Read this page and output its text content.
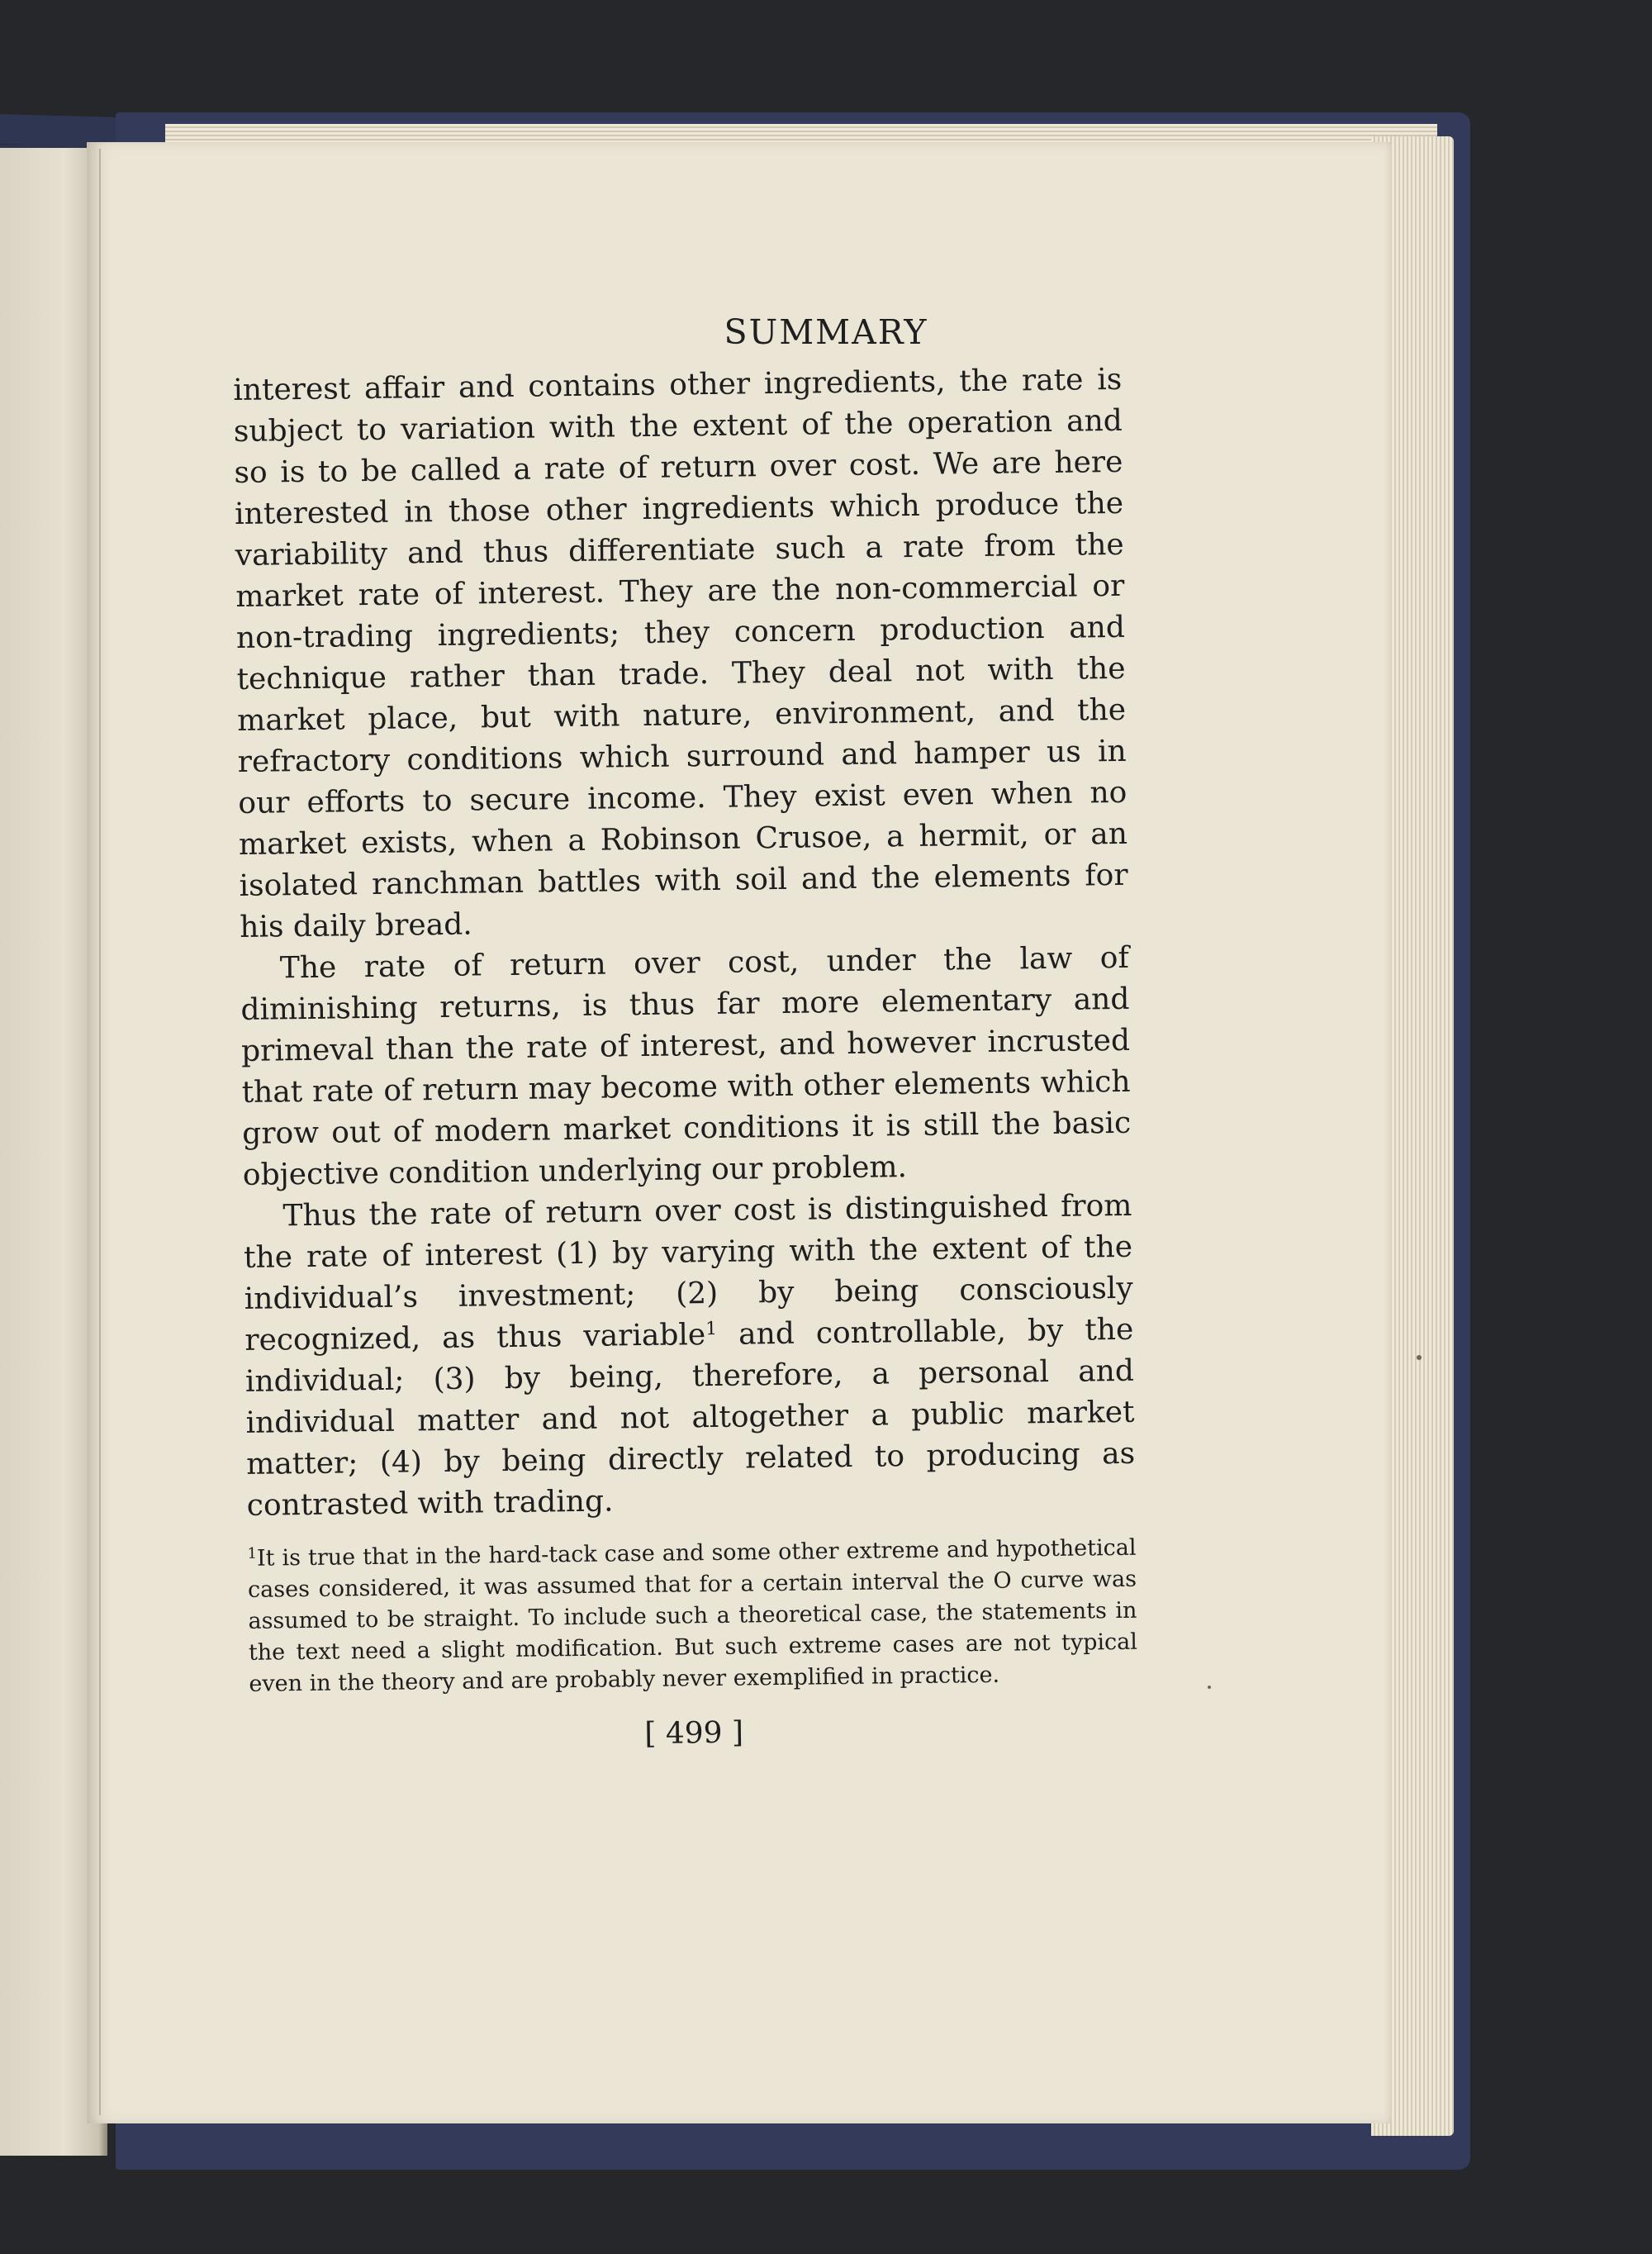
SUMMARY

interest affair and contains other ingredients, the rate is subject to variation with the extent of the operation and so is to be called a rate of return over cost. We are here interested in those other ingredients which produce the variability and thus differentiate such a rate from the market rate of interest. They are the non-commercial or non-trading ingredients; they concern production and technique rather than trade. They deal not with the market place, but with nature, environment, and the refractory conditions which surround and hamper us in our efforts to secure income. They exist even when no market exists, when a Robinson Crusoe, a hermit, or an isolated ranchman battles with soil and the elements for his daily bread.

The rate of return over cost, under the law of diminishing returns, is thus far more elementary and primeval than the rate of interest, and however incrusted that rate of return may become with other elements which grow out of modern market conditions it is still the basic objective condition underlying our problem.

Thus the rate of return over cost is distinguished from the rate of interest (1) by varying with the extent of the individual’s investment; (2) by being consciously recognized, as thus variable$^1$ and controllable, by the individual; (3) by being, therefore, a personal and individual matter and not altogether a public market matter; (4) by being directly related to producing as contrasted with trading.

$^1$It is true that in the hard-tack case and some other extreme and hypothetical cases considered, it was assumed that for a certain interval the O curve was assumed to be straight. To include such a theoretical case, the statements in the text need a slight modification. But such extreme cases are not typical even in the theory and are probably never exemplified in practice.
[ 499 ]
